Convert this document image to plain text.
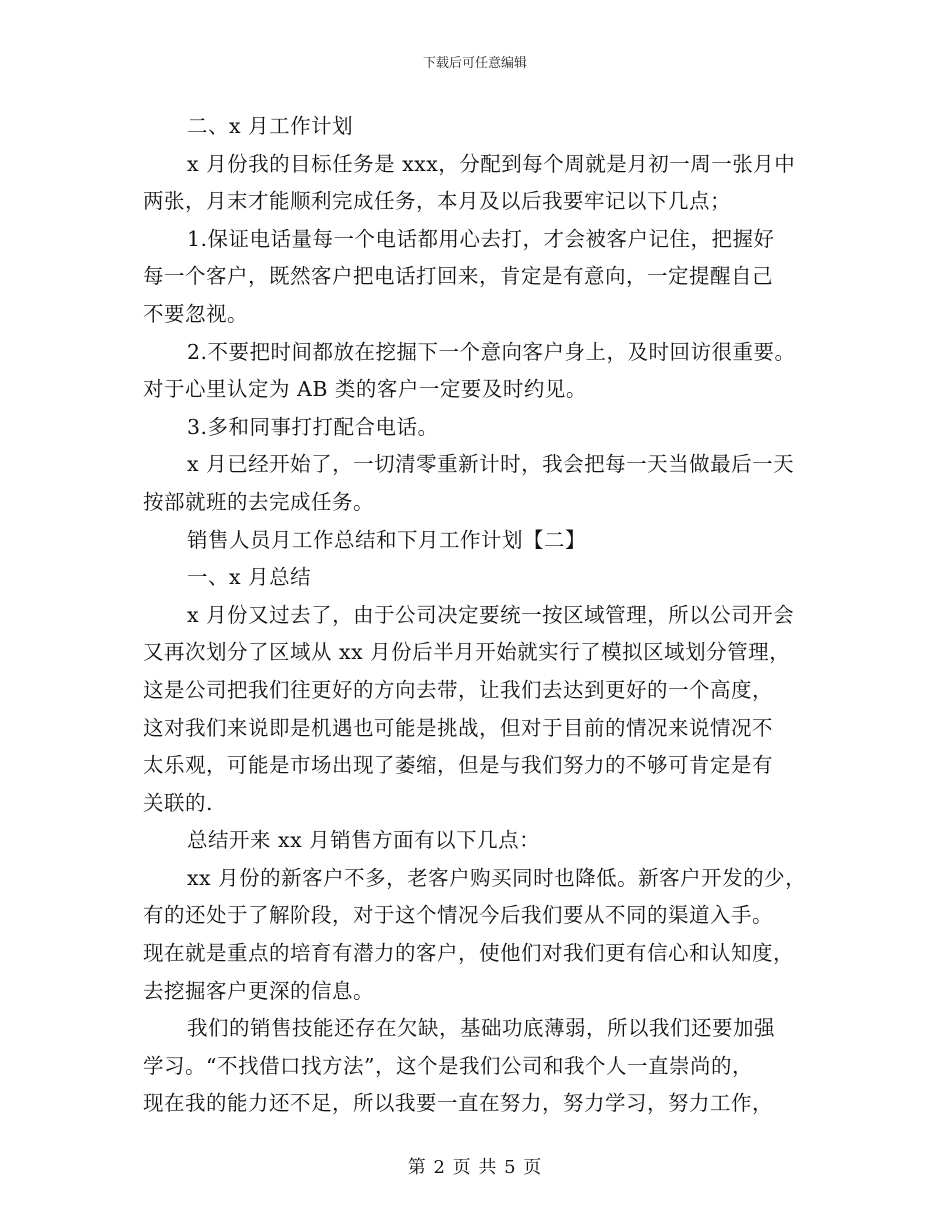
下载后可任意编辑
二、x 月工作计划
x 月份我的目标任务是 xxx，分配到每个周就是月初一周一张月中
两张，月末才能顺利完成任务，本月及以后我要牢记以下几点；
1.保证电话量每一个电话都用心去打，才会被客户记住，把握好
每一个客户，既然客户把电话打回来，肯定是有意向，一定提醒自己
不要忽视。
2.不要把时间都放在挖掘下一个意向客户身上，及时回访很重要。
对于心里认定为 AB 类的客户一定要及时约见。
3.多和同事打打配合电话。
x 月已经开始了，一切清零重新计时，我会把每一天当做最后一天
按部就班的去完成任务。
销售人员月工作总结和下月工作计划【二】
一、x 月总结
x 月份又过去了，由于公司决定要统一按区域管理，所以公司开会
又再次划分了区域从 xx 月份后半月开始就实行了模拟区域划分管理，
这是公司把我们往更好的方向去带，让我们去达到更好的一个高度，
这对我们来说即是机遇也可能是挑战，但对于目前的情况来说情况不
太乐观，可能是市场出现了萎缩，但是与我们努力的不够可肯定是有
关联的.
总结开来 xx 月销售方面有以下几点：
xx 月份的新客户不多，老客户购买同时也降低。新客户开发的少，
有的还处于了解阶段，对于这个情况今后我们要从不同的渠道入手。
现在就是重点的培育有潜力的客户，使他们对我们更有信心和认知度，
去挖掘客户更深的信息。
我们的销售技能还存在欠缺，基础功底薄弱，所以我们还要加强
学习。“不找借口找方法”，这个是我们公司和我个人一直崇尚的，
现在我的能力还不足，所以我要一直在努力，努力学习，努力工作，
第 2 页 共 5 页
